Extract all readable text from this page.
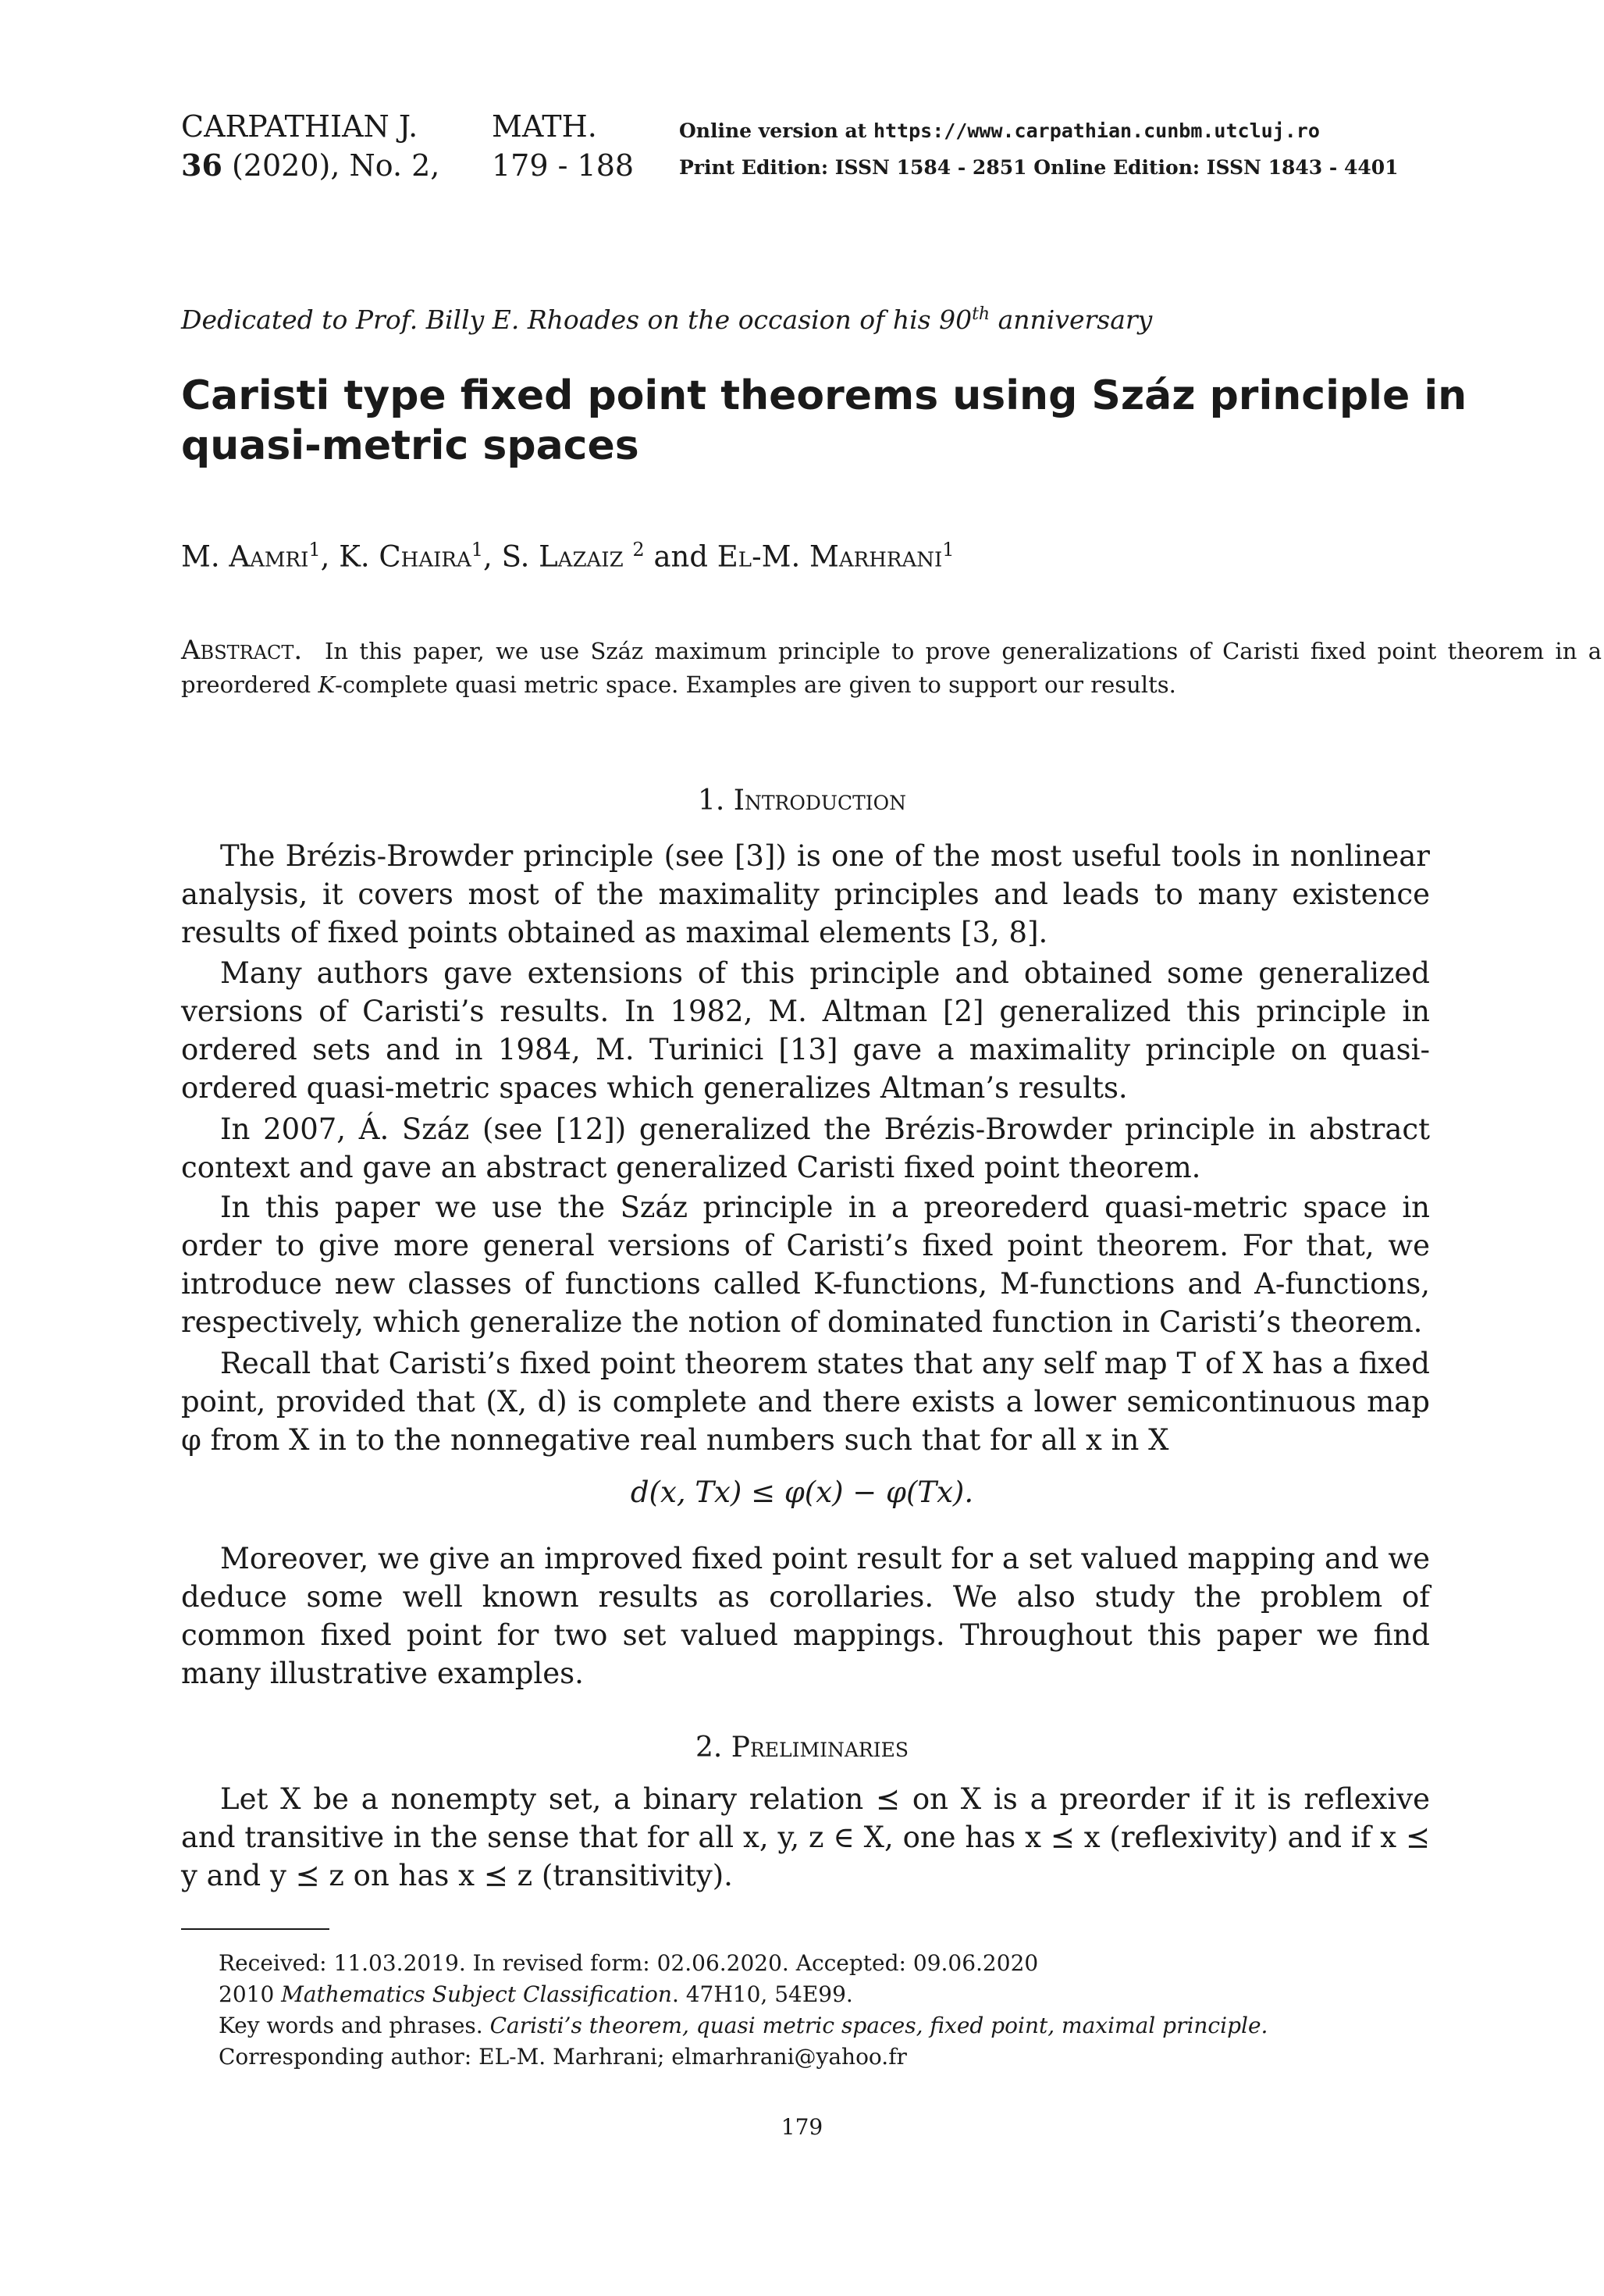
CARPATHIAN J. MATH.
36 (2020), No. 2, 179 - 188
Online version at https://www.carpathian.cunbm.utcluj.ro
Print Edition: ISSN 1584 - 2851 Online Edition: ISSN 1843 - 4401
Dedicated to Prof. Billy E. Rhoades on the occasion of his 90th anniversary
Caristi type fixed point theorems using Száz principle in quasi-metric spaces
M. Aamri$^1$, K. Chaira$^1$, S. Lazaiz $^2$ and El-M. Marhrani$^1$
Abstract. In this paper, we use Száz maximum principle to prove generalizations of Caristi fixed point theorem in a preordered K-complete quasi metric space. Examples are given to support our results.
1. Introduction
The Brézis-Browder principle (see [3]) is one of the most useful tools in nonlinear analysis, it covers most of the maximality principles and leads to many existence results of fixed points obtained as maximal elements [3, 8].
Many authors gave extensions of this principle and obtained some generalized versions of Caristi’s results. In 1982, M. Altman [2] generalized this principle in ordered sets and in 1984, M. Turinici [13] gave a maximality principle on quasi-ordered quasi-metric spaces which generalizes Altman’s results.
In 2007, Á. Száz (see [12]) generalized the Brézis-Browder principle in abstract context and gave an abstract generalized Caristi fixed point theorem.
In this paper we use the Száz principle in a preorederd quasi-metric space in order to give more general versions of Caristi’s fixed point theorem. For that, we introduce new classes of functions called K-functions, M-functions and A-functions, respectively, which generalize the notion of dominated function in Caristi’s theorem.
Recall that Caristi’s fixed point theorem states that any self map T of X has a fixed point, provided that (X, d) is complete and there exists a lower semicontinuous map φ from X in to the nonnegative real numbers such that for all x in X
d(x, Tx) ≤ φ(x) − φ(Tx).
Moreover, we give an improved fixed point result for a set valued mapping and we deduce some well known results as corollaries. We also study the problem of common fixed point for two set valued mappings. Throughout this paper we find many illustrative examples.
2. Preliminaries
Let X be a nonempty set, a binary relation ⪯ on X is a preorder if it is reflexive and transitive in the sense that for all x, y, z ∈ X, one has x ⪯ x (reflexivity) and if x ⪯ y and y ⪯ z on has x ⪯ z (transitivity).
Received: 11.03.2019. In revised form: 02.06.2020. Accepted: 09.06.2020
2010 Mathematics Subject Classification. 47H10, 54E99.
Key words and phrases. Caristi’s theorem, quasi metric spaces, fixed point, maximal principle.
Corresponding author: EL-M. Marhrani; elmarhrani@yahoo.fr
179
